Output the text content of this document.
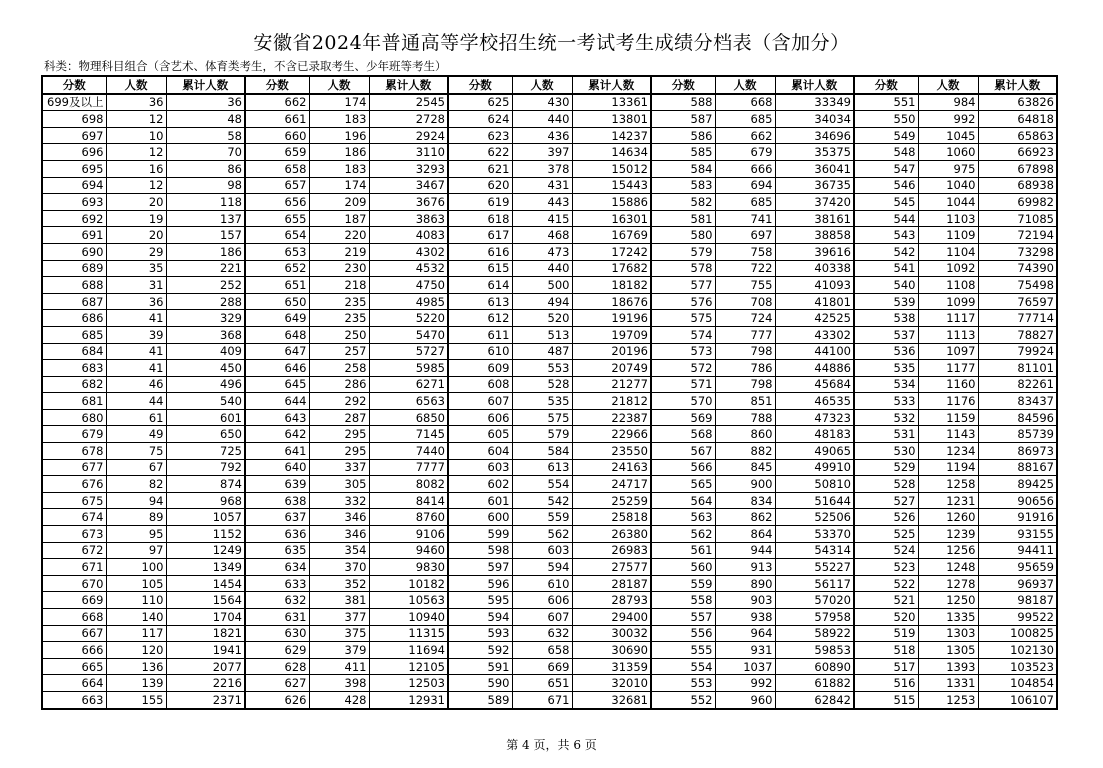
安徽省2024年普通高等学校招生统一考试考生成绩分档表（含加分）
科类：物理科目组合（含艺术、体育类考生，不含已录取考生、少年班等考生）
分数	人数	累计人数	分数	人数	累计人数	分数	人数	累计人数	分数	人数	累计人数	分数	人数	累计人数
699及以上	36	36	662	174	2545	625	430	13361	588	668	33349	551	984	63826
698	12	48	661	183	2728	624	440	13801	587	685	34034	550	992	64818
697	10	58	660	196	2924	623	436	14237	586	662	34696	549	1045	65863
696	12	70	659	186	3110	622	397	14634	585	679	35375	548	1060	66923
695	16	86	658	183	3293	621	378	15012	584	666	36041	547	975	67898
694	12	98	657	174	3467	620	431	15443	583	694	36735	546	1040	68938
693	20	118	656	209	3676	619	443	15886	582	685	37420	545	1044	69982
692	19	137	655	187	3863	618	415	16301	581	741	38161	544	1103	71085
691	20	157	654	220	4083	617	468	16769	580	697	38858	543	1109	72194
690	29	186	653	219	4302	616	473	17242	579	758	39616	542	1104	73298
689	35	221	652	230	4532	615	440	17682	578	722	40338	541	1092	74390
688	31	252	651	218	4750	614	500	18182	577	755	41093	540	1108	75498
687	36	288	650	235	4985	613	494	18676	576	708	41801	539	1099	76597
686	41	329	649	235	5220	612	520	19196	575	724	42525	538	1117	77714
685	39	368	648	250	5470	611	513	19709	574	777	43302	537	1113	78827
684	41	409	647	257	5727	610	487	20196	573	798	44100	536	1097	79924
683	41	450	646	258	5985	609	553	20749	572	786	44886	535	1177	81101
682	46	496	645	286	6271	608	528	21277	571	798	45684	534	1160	82261
681	44	540	644	292	6563	607	535	21812	570	851	46535	533	1176	83437
680	61	601	643	287	6850	606	575	22387	569	788	47323	532	1159	84596
679	49	650	642	295	7145	605	579	22966	568	860	48183	531	1143	85739
678	75	725	641	295	7440	604	584	23550	567	882	49065	530	1234	86973
677	67	792	640	337	7777	603	613	24163	566	845	49910	529	1194	88167
676	82	874	639	305	8082	602	554	24717	565	900	50810	528	1258	89425
675	94	968	638	332	8414	601	542	25259	564	834	51644	527	1231	90656
674	89	1057	637	346	8760	600	559	25818	563	862	52506	526	1260	91916
673	95	1152	636	346	9106	599	562	26380	562	864	53370	525	1239	93155
672	97	1249	635	354	9460	598	603	26983	561	944	54314	524	1256	94411
671	100	1349	634	370	9830	597	594	27577	560	913	55227	523	1248	95659
670	105	1454	633	352	10182	596	610	28187	559	890	56117	522	1278	96937
669	110	1564	632	381	10563	595	606	28793	558	903	57020	521	1250	98187
668	140	1704	631	377	10940	594	607	29400	557	938	57958	520	1335	99522
667	117	1821	630	375	11315	593	632	30032	556	964	58922	519	1303	100825
666	120	1941	629	379	11694	592	658	30690	555	931	59853	518	1305	102130
665	136	2077	628	411	12105	591	669	31359	554	1037	60890	517	1393	103523
664	139	2216	627	398	12503	590	651	32010	553	992	61882	516	1331	104854
663	155	2371	626	428	12931	589	671	32681	552	960	62842	515	1253	106107
第 4 页，共 6 页
